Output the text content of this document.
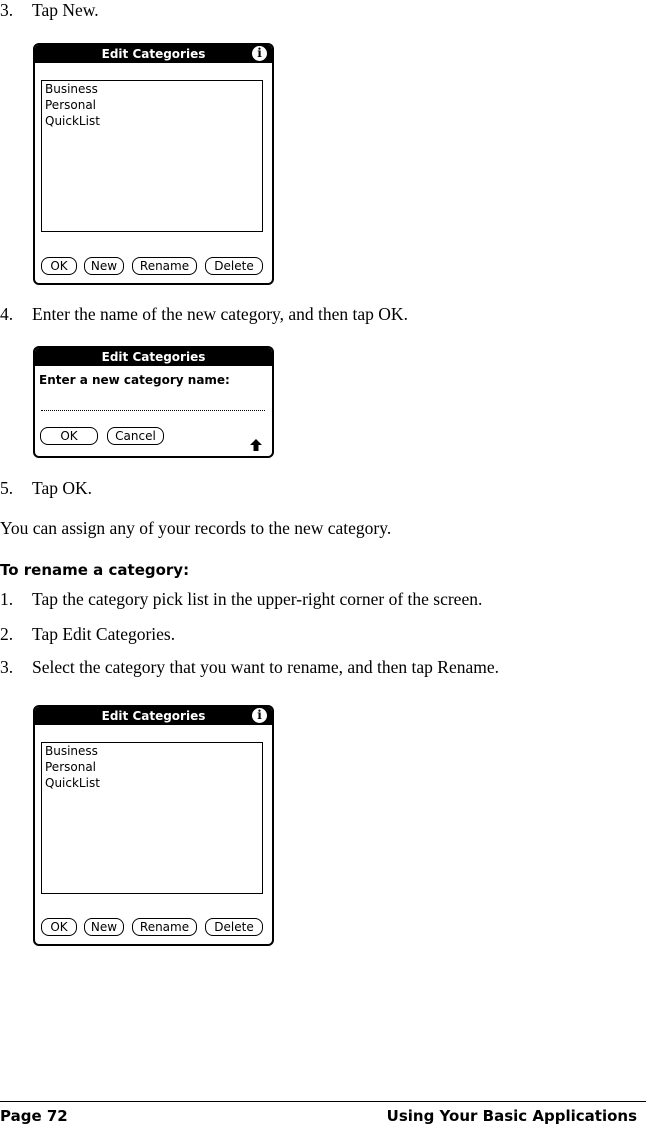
3. Tap New.
Edit Categories	i
Business
Personal
QuickList
OK	New	Rename	Delete
4. Enter the name of the new category, and then tap OK.
Edit Categories
Enter a new category name:
OK	Cancel
5. Tap OK.
You can assign any of your records to the new category.
To rename a category:
1. Tap the category pick list in the upper-right corner of the screen.
2. Tap Edit Categories.
3. Select the category that you want to rename, and then tap Rename.
Edit Categories	i
Business
Personal
QuickList
OK	New	Rename	Delete
Page 72	Using Your Basic Applications
